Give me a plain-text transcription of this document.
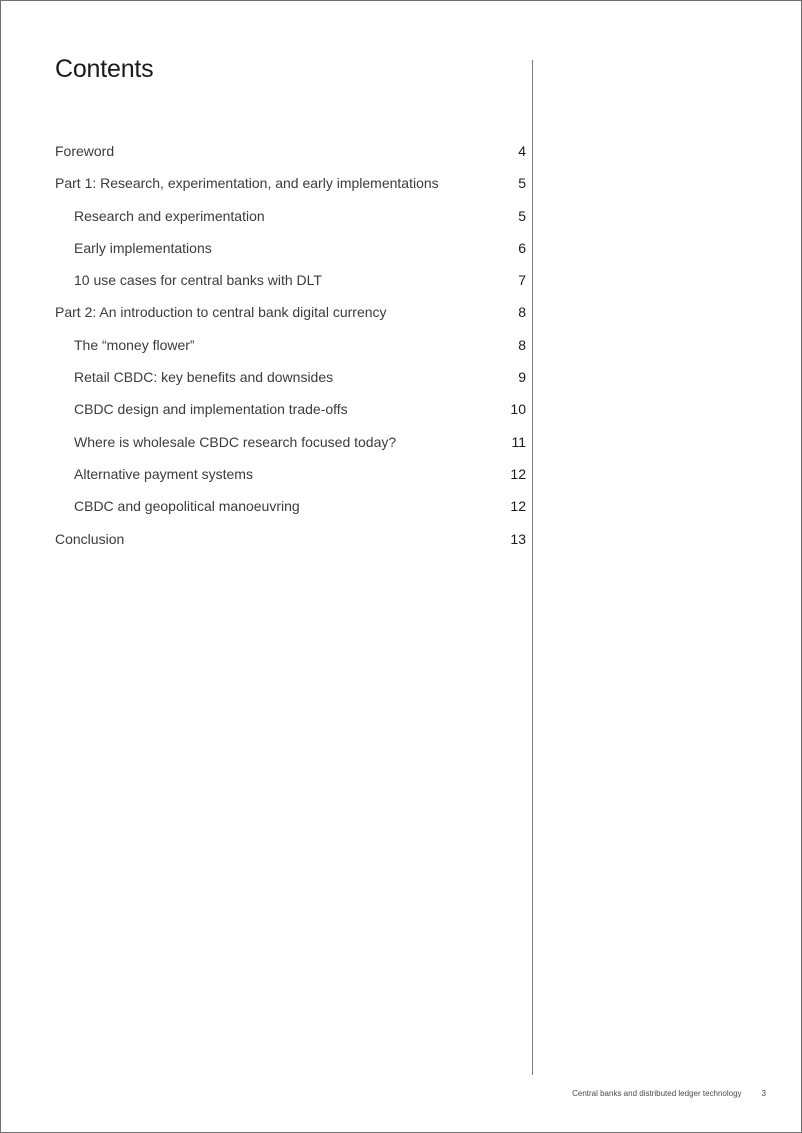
Contents
Foreword	4
Part 1: Research, experimentation, and early implementations	5
Research and experimentation	5
Early implementations	6
10 use cases for central banks with DLT	7
Part 2: An introduction to central bank digital currency	8
The “money flower”	8
Retail CBDC: key benefits and downsides	9
CBDC design and implementation trade-offs	10
Where is wholesale CBDC research focused today?	11
Alternative payment systems	12
CBDC and geopolitical manoeuvring	12
Conclusion	13
Central banks and distributed ledger technology	3
